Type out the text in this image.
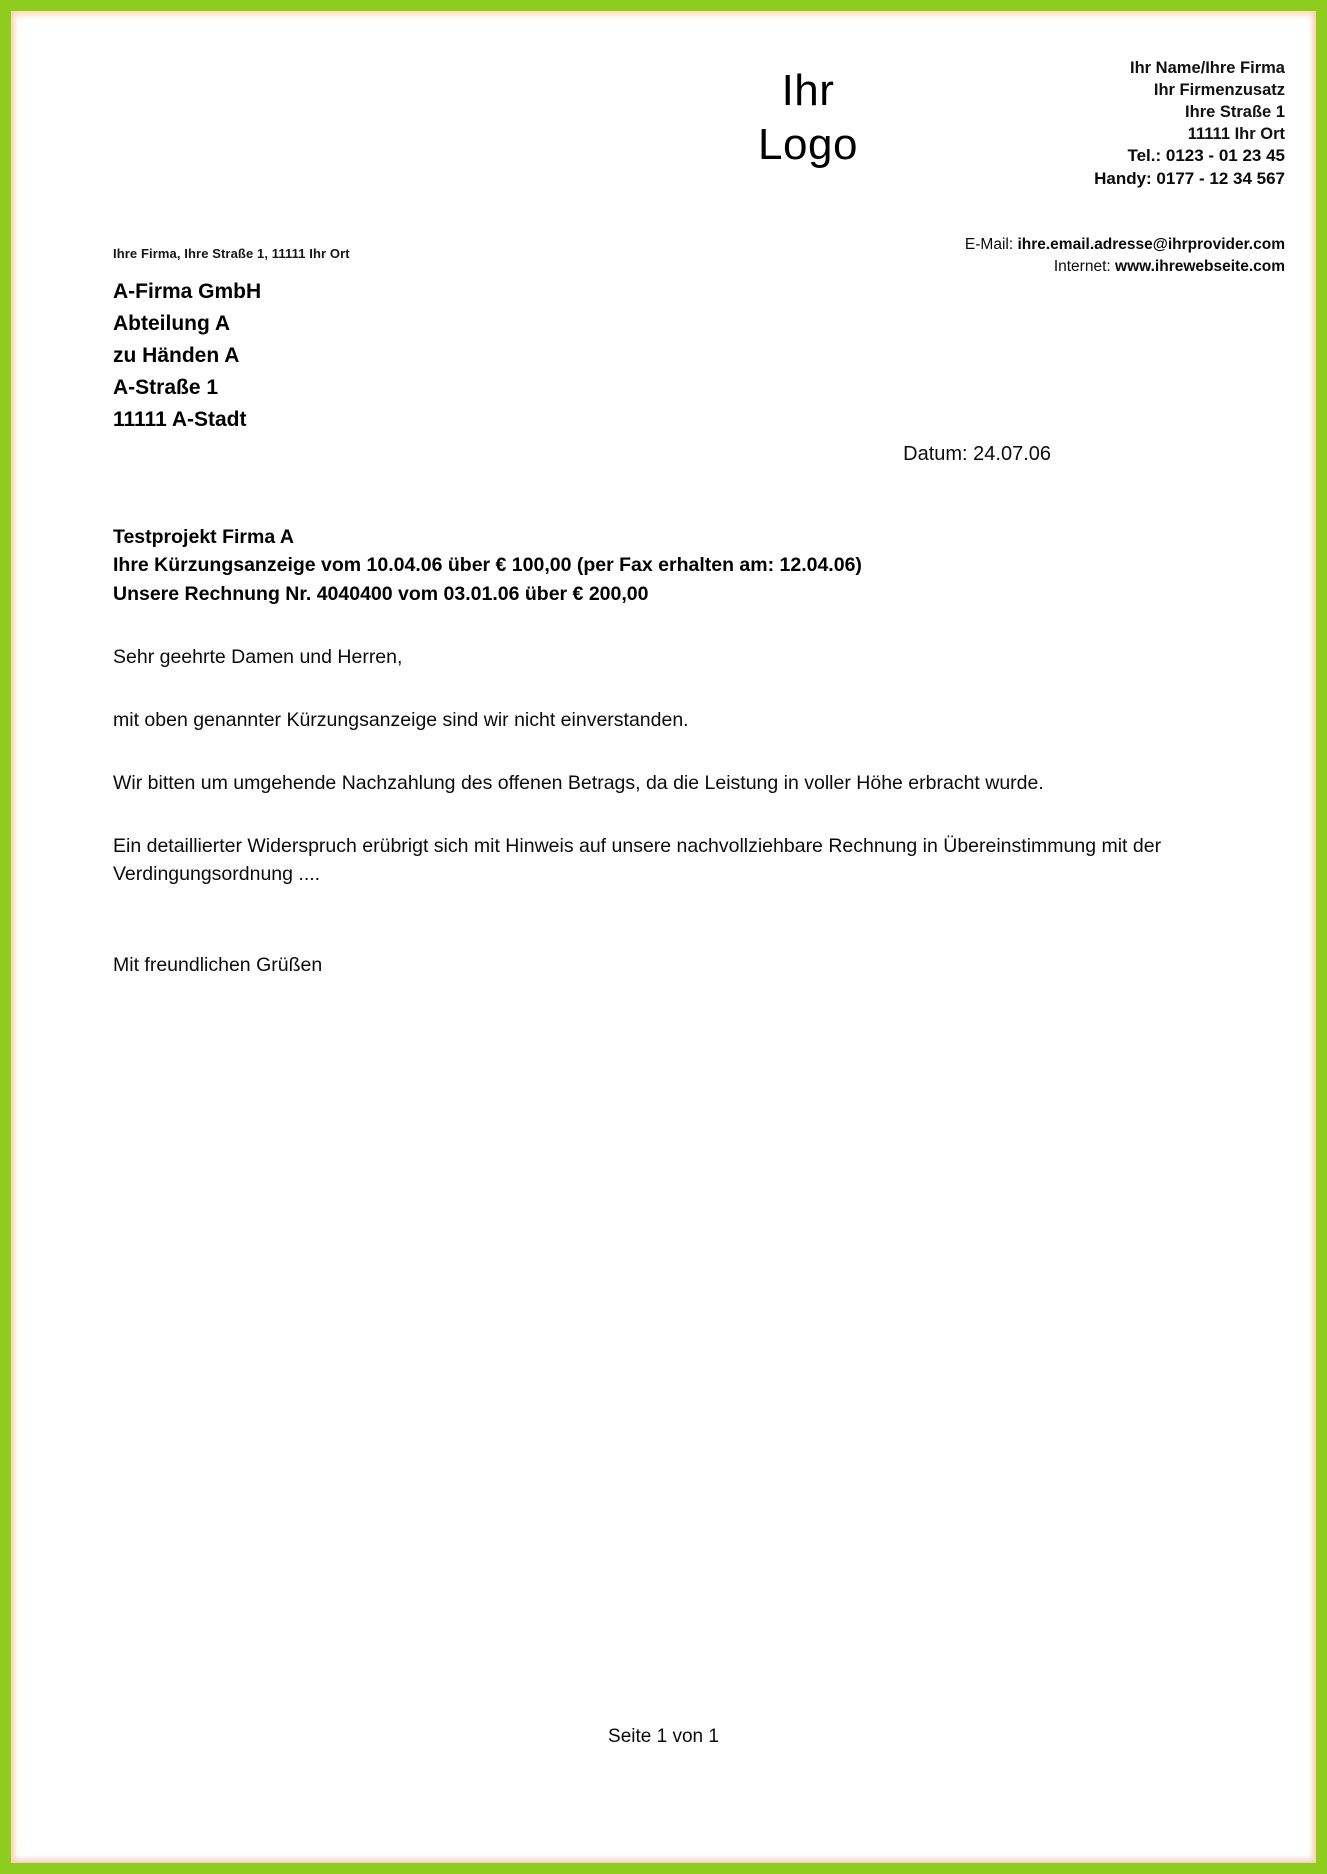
Ihr
Logo
Ihr Name/Ihre Firma
Ihr Firmenzusatz
Ihre Straße 1
11111 Ihr Ort
Tel.: 0123 - 01 23 45
Handy: 0177 - 12 34 567
E-Mail: ihre.email.adresse@ihrprovider.com
Internet: www.ihrewebseite.com
Ihre Firma, Ihre Straße 1, 11111 Ihr Ort
A-Firma GmbH
Abteilung A
zu Händen A
A-Straße 1
11111 A-Stadt
Datum: 24.07.06
Testprojekt Firma A
Ihre Kürzungsanzeige vom 10.04.06 über € 100,00 (per Fax erhalten am: 12.04.06)
Unsere Rechnung Nr. 4040400 vom 03.01.06 über € 200,00

Sehr geehrte Damen und Herren,

mit oben genannter Kürzungsanzeige sind wir nicht einverstanden.

Wir bitten um umgehende Nachzahlung des offenen Betrags, da die Leistung in voller Höhe erbracht wurde.

Ein detaillierter Widerspruch erübrigt sich mit Hinweis auf unsere nachvollziehbare Rechnung in Übereinstimmung mit der Verdingungsordnung ....

Mit freundlichen Grüßen

Seite 1 von 1
